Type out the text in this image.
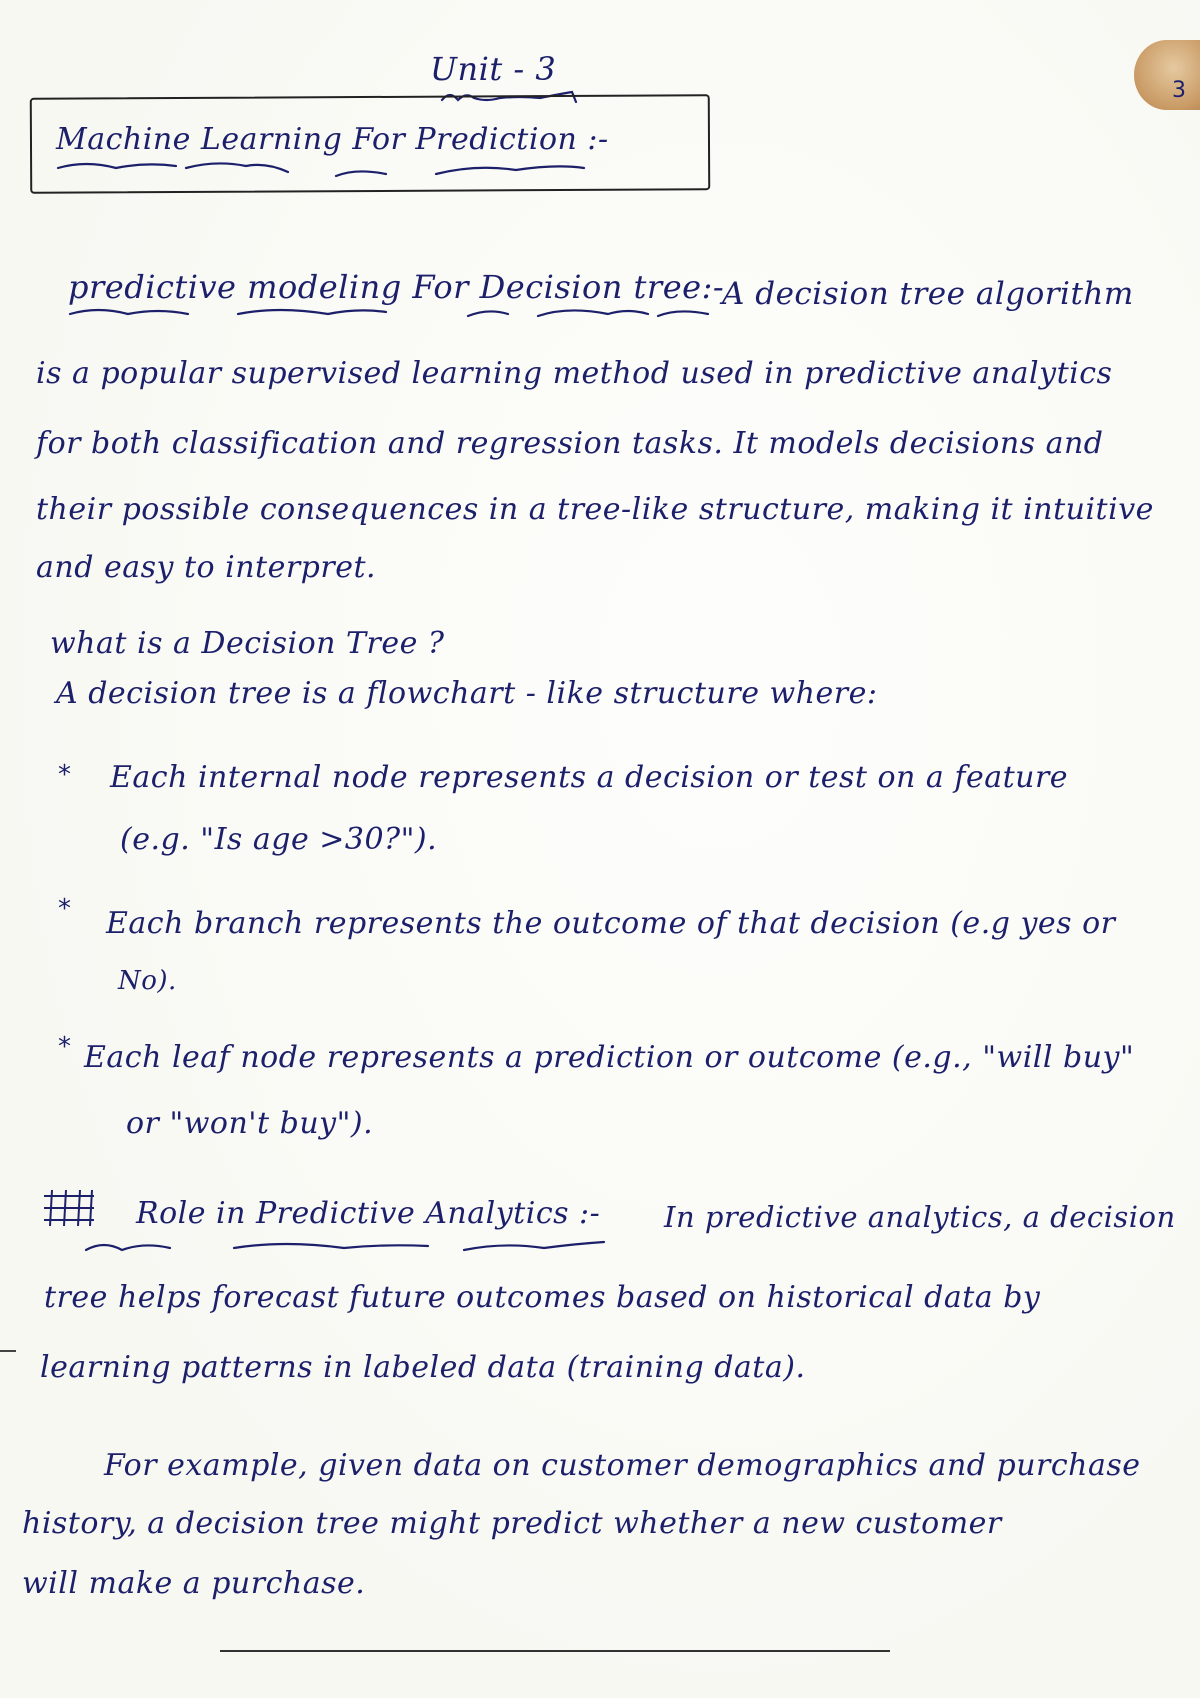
3
Unit - 3
Machine Learning For Prediction :-
predictive modeling For Decision tree:-
A decision tree algorithm
is a popular supervised learning method used in predictive analytics
for both classification and regression tasks. It models decisions and
their possible consequences in a tree-like structure, making it intuitive
and easy to interpret.
what is a Decision Tree ?
A decision tree is a flowchart - like structure where:
* Each internal node represents a decision or test on a feature
(e.g. "Is age >30?").
* Each branch represents the outcome of that decision (e.g yes or
No).
* Each leaf node represents a prediction or outcome (e.g., "will buy"
or "won't buy").
Role in Predictive Analytics :- In predictive analytics, a decision
tree helps forecast future outcomes based on historical data by
learning patterns in labeled data (training data).
For example, given data on customer demographics and purchase
history, a decision tree might predict whether a new customer
will make a purchase.
